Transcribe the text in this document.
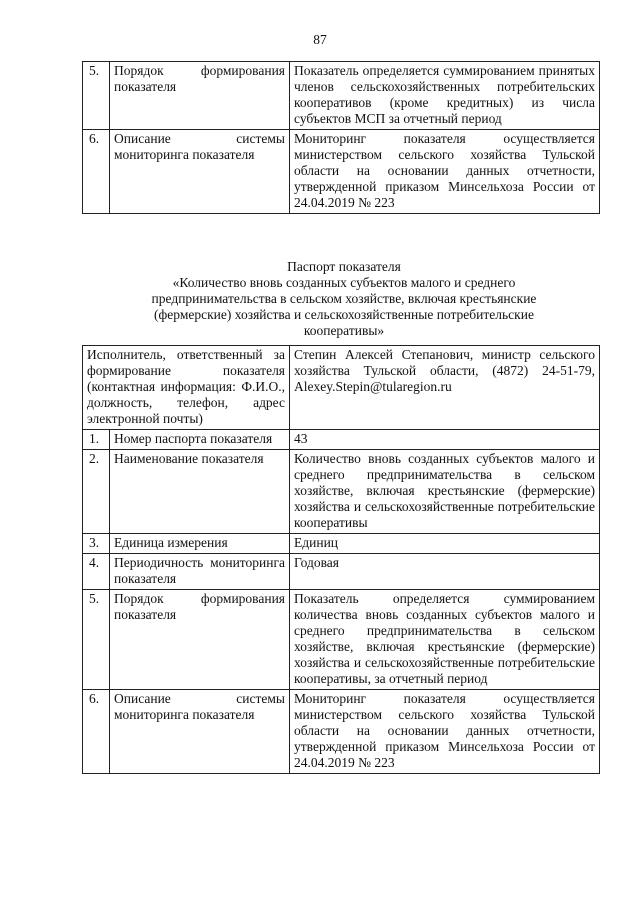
87
5.	Порядок формирования показателя	Показатель определяется суммированием принятых членов сельскохозяйственных потребительских кооперативов (кроме кредитных) из числа субъектов МСП за отчетный период
6.	Описание системы мониторинга показателя	Мониторинг показателя осуществляется министерством сельского хозяйства Тульской области на основании данных отчетности, утвержденной приказом Минсельхоза России от 24.04.2019 № 223
Паспорт показателя
«Количество вновь созданных субъектов малого и среднего предпринимательства в сельском хозяйстве, включая крестьянские (фермерские) хозяйства и сельскохозяйственные потребительские кооперативы»
Исполнитель, ответственный за формирование показателя (контактная информация: Ф.И.О., должность, телефон, адрес электронной почты)		Степин Алексей Степанович, министр сельского хозяйства Тульской области, (4872) 24-51-79, Alexey.Stepin@tularegion.ru
1.	Номер паспорта показателя	43
2.	Наименование показателя	Количество вновь созданных субъектов малого и среднего предпринимательства в сельском хозяйстве, включая крестьянские (фермерские) хозяйства и сельскохозяйственные потребительские кооперативы
3.	Единица измерения	Единиц
4.	Периодичность мониторинга показателя	Годовая
5.	Порядок формирования показателя	Показатель определяется суммированием количества вновь созданных субъектов малого и среднего предпринимательства в сельском хозяйстве, включая крестьянские (фермерские) хозяйства и сельскохозяйственные потребительские кооперативы, за отчетный период
6.	Описание системы мониторинга показателя	Мониторинг показателя осуществляется министерством сельского хозяйства Тульской области на основании данных отчетности, утвержденной приказом Минсельхоза России от 24.04.2019 № 223
